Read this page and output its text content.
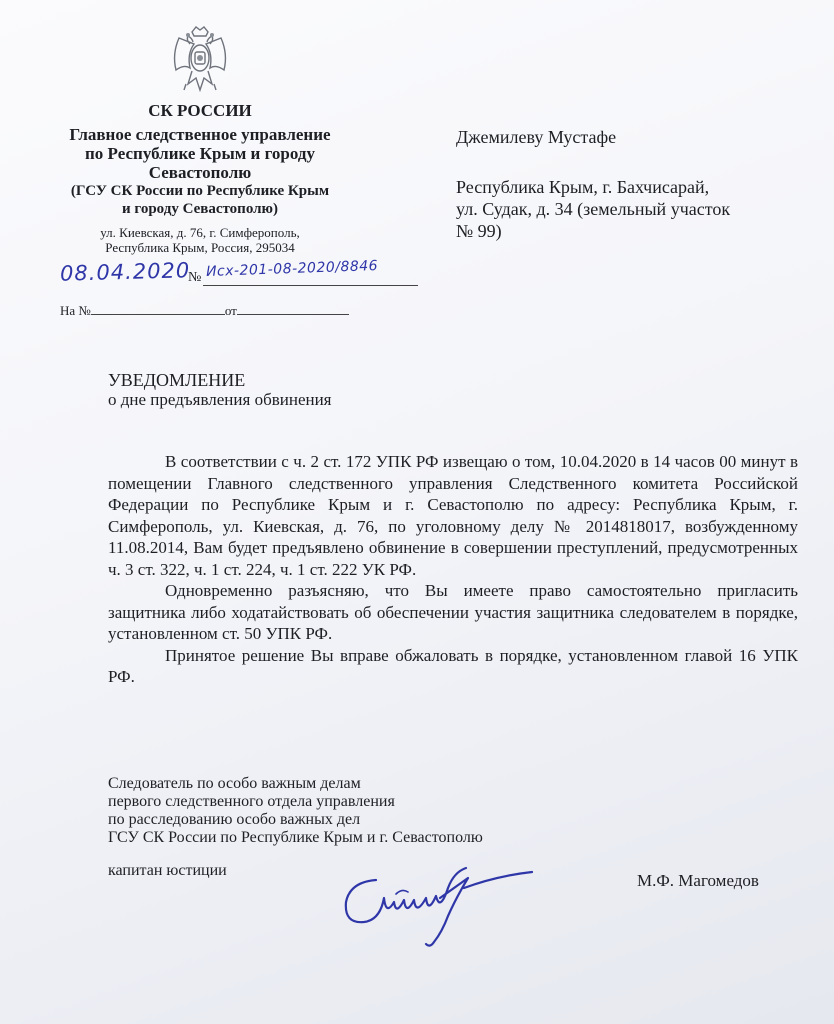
СК РОССИИ
Главное следственное управление
по Республике Крым и городу
Севастополю
(ГСУ СК России по Республике Крым
и городу Севастополю)
ул. Киевская, д. 76, г. Симферополь,
Республика Крым, Россия, 295034
08.04.2020
№ Исх-201-08-2020/8846
На №	от
Джемилеву Мустафе
Республика Крым, г. Бахчисарай,
ул. Судак, д. 34 (земельный участок
№ 99)
УВЕДОМЛЕНИЕ
о дне предъявления обвинения

В соответствии с ч. 2 ст. 172 УПК РФ извещаю о том, 10.04.2020 в 14 часов 00 минут в помещении Главного следственного управления Следственного комитета Российской Федерации по Республике Крым и г. Севастополю по адресу: Республика Крым, г. Симферополь, ул. Киевская, д. 76, по уголовному делу № 2014818017, возбужденному 11.08.2014, Вам будет предъявлено обвинение в совершении преступлений, предусмотренных ч. 3 ст. 322, ч. 1 ст. 224, ч. 1 ст. 222 УК РФ.

Одновременно разъясняю, что Вы имеете право самостоятельно пригласить защитника либо ходатайствовать об обеспечении участия защитника следователем в порядке, установленном ст. 50 УПК РФ.

Принятое решение Вы вправе обжаловать в порядке, установленном главой 16 УПК РФ.

Следователь по особо важным делам
первого следственного отдела управления
по расследованию особо важных дел
ГСУ СК России по Республике Крым и г. Севастополю
капитан юстиции
М.Ф. Магомедов
